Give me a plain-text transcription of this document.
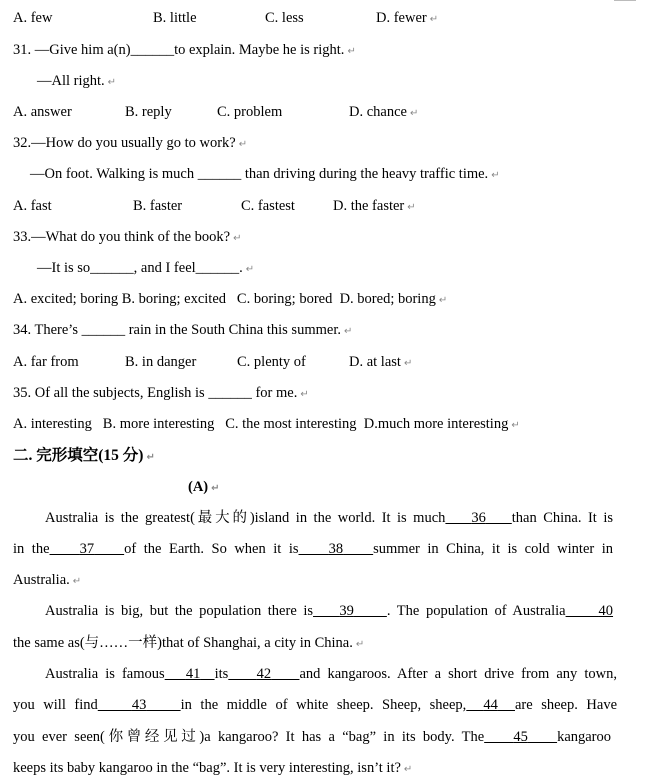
A. few	B. little	C. less	D. fewer ↵
31. —Give him a(n)______to explain. Maybe he is right. ↵
—All right. ↵
A. answer	B. reply	C. problem	D. chance ↵
32.—How do you usually go to work? ↵
—On foot. Walking is much ______ than driving during the heavy traffic time. ↵
A. fast	B. faster	C. fastest	D. the faster ↵
33.—What do you think of the book? ↵
—It is so______, and I feel______. ↵
A. excited; boring B. boring; excited   C. boring; bored  D. bored; boring ↵
34. There’s ______ rain in the South China this summer. ↵
A. far from	B. in danger	C. plenty of	D. at last ↵
35. Of all the subjects, English is ______ for me. ↵
A. interesting   B. more interesting   C. the most interesting  D.much more interesting ↵
二. 完形填空(15 分) ↵
(A) ↵
Australia is the greatest(最大的)island in the world. It is much 36 than China. It is
in the 37 of the Earth. So when it is 38 summer in China, it is cold winter in
Australia. ↵
Australia is big, but the population there is 39 . The population of Australia 40
the same as(与……一样)that of Shanghai, a city in China. ↵
Australia is famous 41 its 42 and kangaroos. After a short drive from any town,
you will find 43 in the middle of white sheep. Sheep, sheep, 44 are sheep. Have
you ever seen(你曾经见过)a kangaroo? It has a “bag” in its body. The 45 kangaroo
keeps its baby kangaroo in the “bag”. It is very interesting, isn’t it? ↵
